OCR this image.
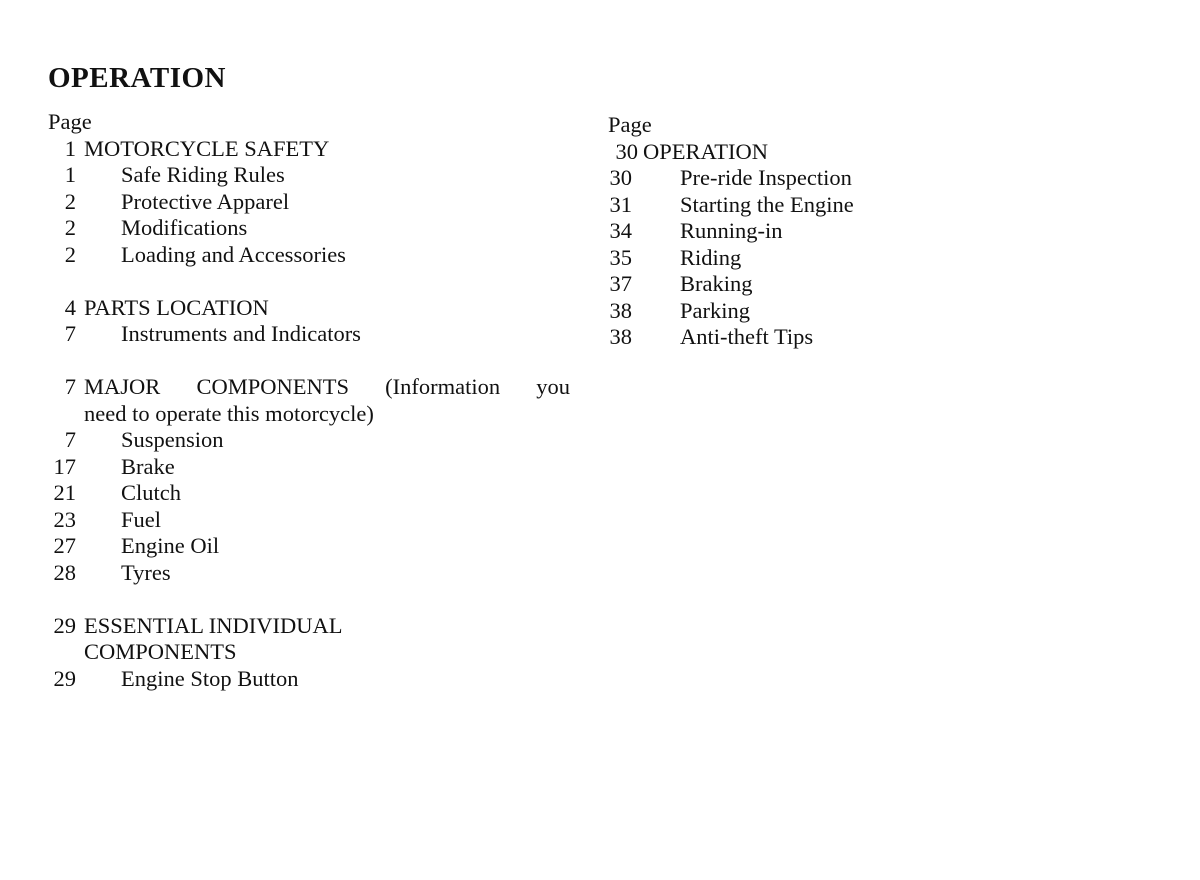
OPERATION
Page
1 MOTORCYCLE SAFETY
1 Safe Riding Rules
2 Protective Apparel
2 Modifications
2 Loading and Accessories
4 PARTS LOCATION
7 Instruments and Indicators
7 MAJOR COMPONENTS (Information you
need to operate this motorcycle)
7 Suspension
17 Brake
21 Clutch
23 Fuel
27 Engine Oil
28 Tyres
29 ESSENTIAL INDIVIDUAL
COMPONENTS
29 Engine Stop Button
Page
30 OPERATION
30 Pre-ride Inspection
31 Starting the Engine
34 Running-in
35 Riding
37 Braking
38 Parking
38 Anti-theft Tips
